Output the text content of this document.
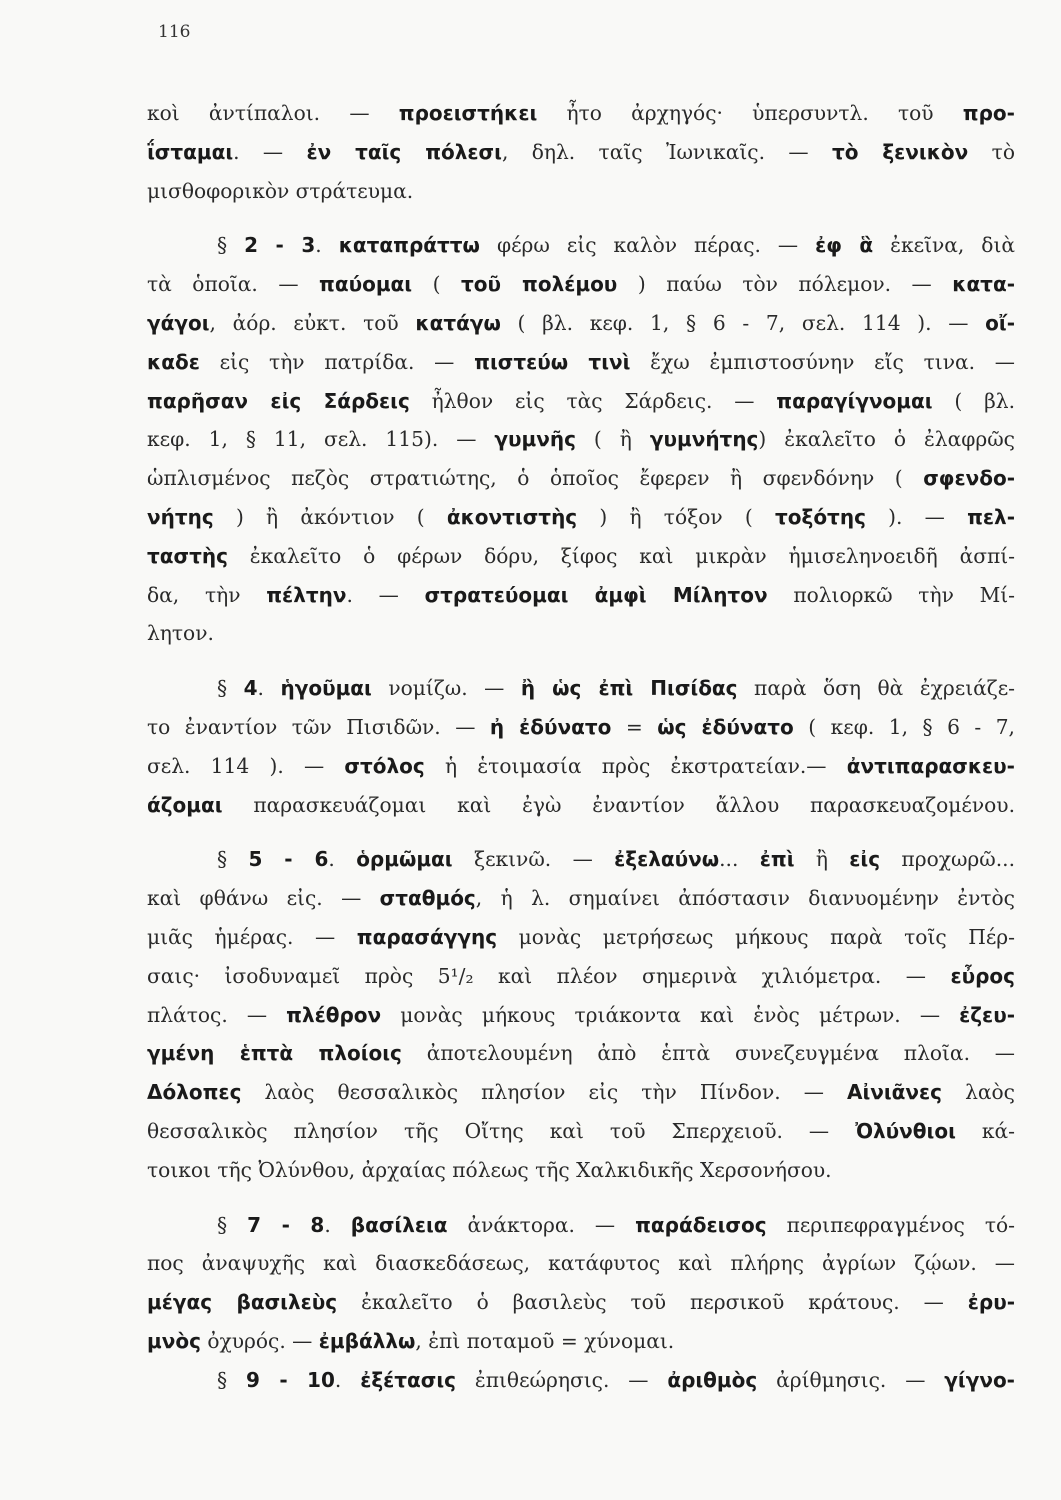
116
κοὶ ἀντίπαλοι. — προειστήκει ἦτο ἀρχηγός· ὑπερσυντλ. τοῦ προ-
ΐσταμαι. — ἐν ταῖς πόλεσι, δηλ. ταῖς Ἰωνικαῖς. — τὸ ξενικὸν τὸ
μισθοφορικὸν στράτευμα.
§ 2 - 3. καταπράττω φέρω εἰς καλὸν πέρας. — ἐφ ἃ ἐκεῖνα, διὰ
τὰ ὁποῖα. — παύομαι ( τοῦ πολέμου ) παύω τὸν πόλεμον. — κατα-
γάγοι, ἀόρ. εὐκτ. τοῦ κατάγω ( βλ. κεφ. 1, § 6 - 7, σελ. 114 ). — οἴ-
καδε εἰς τὴν πατρίδα. — πιστεύω τινὶ ἔχω ἐμπιστοσύνην εἴς τινα. —
παρῆσαν εἰς Σάρδεις ἦλθον εἰς τὰς Σάρδεις. — παραγίγνομαι ( βλ.
κεφ. 1, § 11, σελ. 115). — γυμνῆς ( ἢ γυμνήτης) ἐκαλεῖτο ὁ ἐλαφρῶς
ὡπλισμένος πεζὸς στρατιώτης, ὁ ὁποῖος ἔφερεν ἢ σφενδόνην ( σφενδο-
νήτης ) ἢ ἀκόντιον ( ἀκοντιστὴς ) ἢ τόξον ( τοξότης ). — πελ-
ταστὴς ἐκαλεῖτο ὁ φέρων δόρυ, ξίφος καὶ μικρὰν ἡμισεληνοειδῆ ἀσπί-
δα, τὴν πέλτην. — στρατεύομαι ἀμφὶ Μίλητον πολιορκῶ τὴν Μί-
λητον.
§ 4. ἡγοῦμαι νομίζω. — ἢ ὡς ἐπὶ Πισίδας παρὰ ὅση θὰ ἐχρειάζε-
το ἐναντίον τῶν Πισιδῶν. — ἠ ἐδύνατο = ὡς ἐδύνατο ( κεφ. 1, § 6 - 7,
σελ. 114 ). — στόλος ἡ ἑτοιμασία πρὸς ἐκστρατείαν.— ἀντιπαρασκευ-
άζομαι παρασκευάζομαι καὶ ἐγὼ ἐναντίον ἄλλου παρασκευαζομένου.
§ 5 - 6. ὁρμῶμαι ξεκινῶ. — ἐξελαύνω... ἐπὶ ἢ εἰς προχωρῶ...
καὶ φθάνω εἰς. — σταθμός, ἡ λ. σημαίνει ἀπόστασιν διανυομένην ἐντὸς
μιᾶς ἡμέρας. — παρασάγγης μονὰς μετρήσεως μήκους παρὰ τοῖς Πέρ-
σαις· ἰσοδυναμεῖ πρὸς 5¹/₂ καὶ πλέον σημερινὰ χιλιόμετρα. — εὖρος
πλάτος. — πλέθρον μονὰς μήκους τριάκοντα καὶ ἑνὸς μέτρων. — ἐζευ-
γμένη ἑπτὰ πλοίοις ἀποτελουμένη ἀπὸ ἑπτὰ συνεζευγμένα πλοῖα. —
Δόλοπες λαὸς θεσσαλικὸς πλησίον εἰς τὴν Πίνδον. — Αἰνιᾶνες λαὸς
θεσσαλικὸς πλησίον τῆς Οἴτης καὶ τοῦ Σπερχειοῦ. — Ὀλύνθιοι κά-
τοικοι τῆς Ὀλύνθου, ἀρχαίας πόλεως τῆς Χαλκιδικῆς Χερσονήσου.
§ 7 - 8. βασίλεια ἀνάκτορα. — παράδεισος περιπεφραγμένος τό-
πος ἀναψυχῆς καὶ διασκεδάσεως, κατάφυτος καὶ πλήρης ἀγρίων ζῴων. —
μέγας βασιλεὺς ἐκαλεῖτο ὁ βασιλεὺς τοῦ περσικοῦ κράτους. — ἐρυ-
μνὸς ὀχυρός. — ἐμβάλλω, ἐπὶ ποταμοῦ = χύνομαι.
§ 9 - 10. ἐξέτασις ἐπιθεώρησις. — ἀριθμὸς ἀρίθμησις. — γίγνο-
